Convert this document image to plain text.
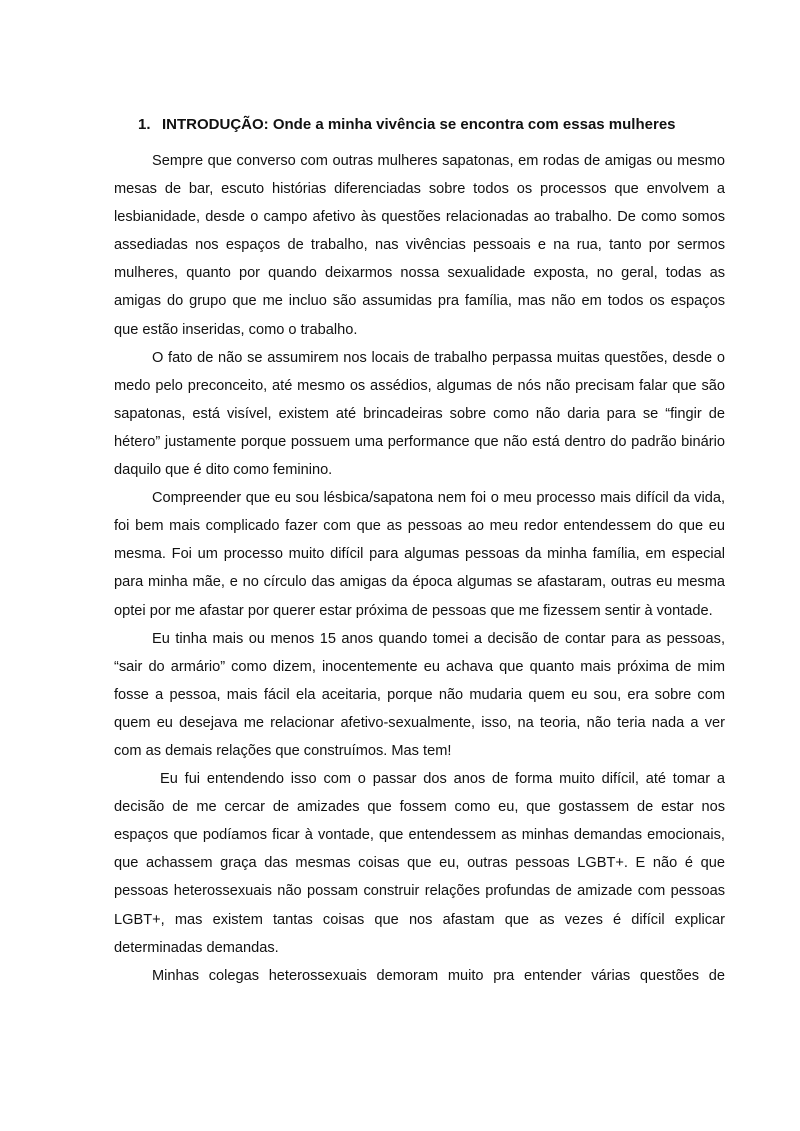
1. INTRODUÇÃO: Onde a minha vivência se encontra com essas mulheres

Sempre que converso com outras mulheres sapatonas, em rodas de amigas ou mesmo mesas de bar, escuto histórias diferenciadas sobre todos os processos que envolvem a lesbianidade, desde o campo afetivo às questões relacionadas ao trabalho. De como somos assediadas nos espaços de trabalho, nas vivências pessoais e na rua, tanto por sermos mulheres, quanto por quando deixarmos nossa sexualidade exposta, no geral, todas as amigas do grupo que me incluo são assumidas pra família, mas não em todos os espaços que estão inseridas, como o trabalho.

O fato de não se assumirem nos locais de trabalho perpassa muitas questões, desde o medo pelo preconceito, até mesmo os assédios, algumas de nós não precisam falar que são sapatonas, está visível, existem até brincadeiras sobre como não daria para se “fingir de hétero” justamente porque possuem uma performance que não está dentro do padrão binário daquilo que é dito como feminino.

Compreender que eu sou lésbica/sapatona nem foi o meu processo mais difícil da vida, foi bem mais complicado fazer com que as pessoas ao meu redor entendessem do que eu mesma. Foi um processo muito difícil para algumas pessoas da minha família, em especial para minha mãe, e no círculo das amigas da época algumas se afastaram, outras eu mesma optei por me afastar por querer estar próxima de pessoas que me fizessem sentir à vontade.

Eu tinha mais ou menos 15 anos quando tomei a decisão de contar para as pessoas, “sair do armário” como dizem, inocentemente eu achava que quanto mais próxima de mim fosse a pessoa, mais fácil ela aceitaria, porque não mudaria quem eu sou, era sobre com quem eu desejava me relacionar afetivo-sexualmente, isso, na teoria, não teria nada a ver com as demais relações que construímos. Mas tem!

Eu fui entendendo isso com o passar dos anos de forma muito difícil, até tomar a decisão de me cercar de amizades que fossem como eu, que gostassem de estar nos espaços que podíamos ficar à vontade, que entendessem as minhas demandas emocionais, que achassem graça das mesmas coisas que eu, outras pessoas LGBT+. E não é que pessoas heterossexuais não possam construir relações profundas de amizade com pessoas LGBT+, mas existem tantas coisas que nos afastam que as vezes é difícil explicar determinadas demandas.

Minhas colegas heterossexuais demoram muito pra entender várias questões de
